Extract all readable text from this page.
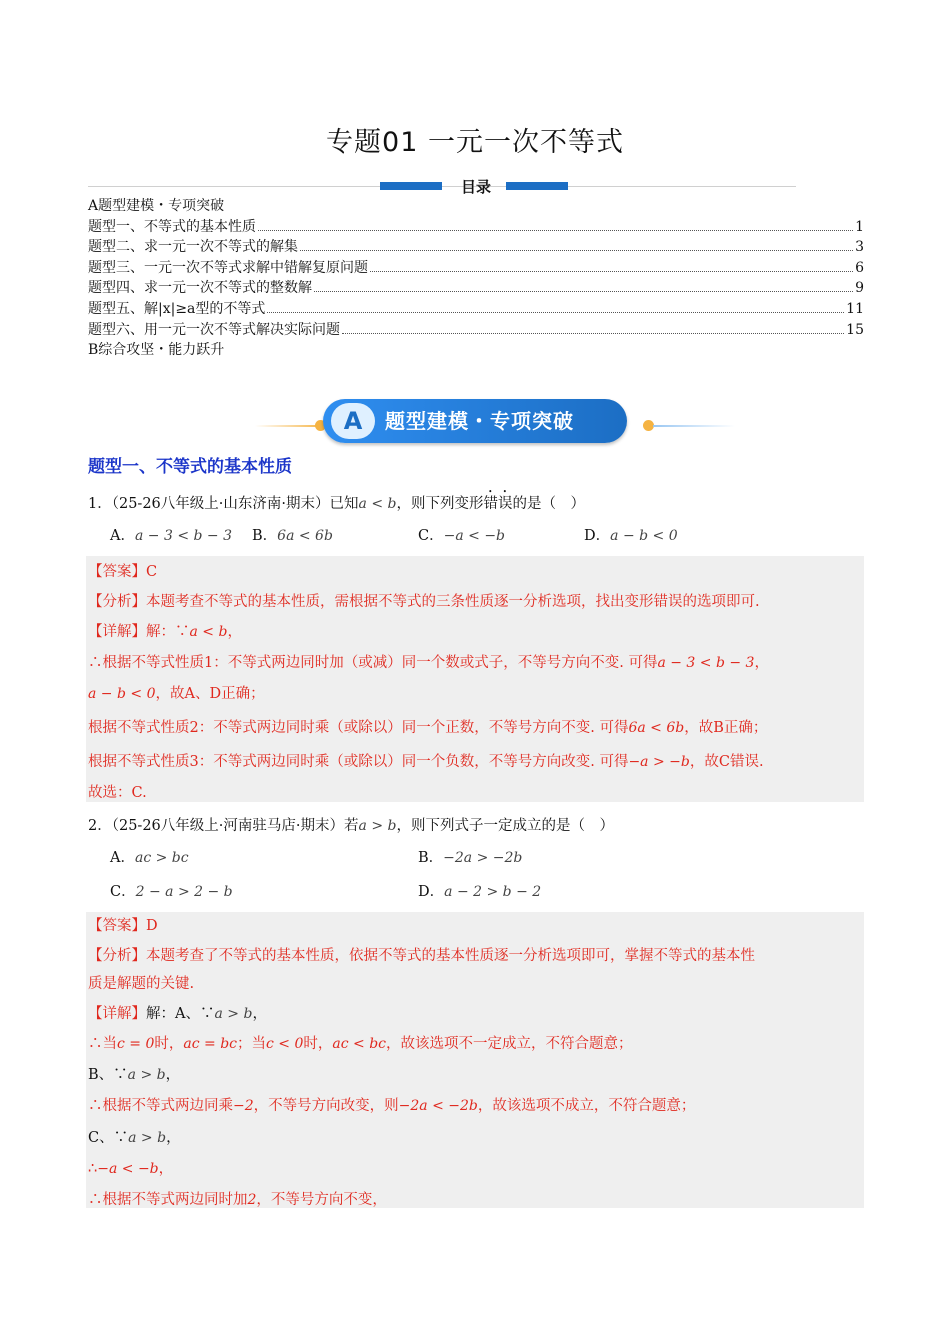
专题01 一元一次不等式
目录
A题型建模・专项突破
题型一、不等式的基本性质	1
题型二、求一元一次不等式的解集	3
题型三、一元一次不等式求解中错解复原问题	6
题型四、求一元一次不等式的整数解	9
题型五、解|x|≥a型的不等式	11
题型六、用一元一次不等式解决实际问题	15
B综合攻坚・能力跃升
A	题型建模・专项突破
题型一、不等式的基本性质
1．（25-26八年级上·山东济南·期末）已知a < b，则下列变形错误的是（　）
A．a − 3 < b − 3 B．6a < 6b	C．−a < −b	D．a − b < 0
【答案】C
【分析】本题考查不等式的基本性质，需根据不等式的三条性质逐一分析选项，找出变形错误的选项即可.
【详解】解：∵a < b，
∴根据不等式性质1：不等式两边同时加（或减）同一个数或式子，不等号方向不变. 可得a − 3 < b − 3，
a − b < 0，故A、D正确；
根据不等式性质2：不等式两边同时乘（或除以）同一个正数，不等号方向不变. 可得6a < 6b，故B正确；
根据不等式性质3：不等式两边同时乘（或除以）同一个负数，不等号方向改变. 可得−a > −b，故C错误.
故选：C.
2．（25-26八年级上·河南驻马店·期末）若a > b，则下列式子一定成立的是（　）
A．ac > bc	B．−2a > −2b
C．2 − a > 2 − b	D．a − 2 > b − 2
【答案】D
【分析】本题考查了不等式的基本性质，依据不等式的基本性质逐一分析选项即可，掌握不等式的基本性
质是解题的关键.
【详解】解：A、∵a > b，
∴当c = 0时，ac = bc；当c < 0时，ac < bc，故该选项不一定成立，不符合题意；
B、∵a > b，
∴根据不等式两边同乘−2，不等号方向改变，则−2a < −2b，故该选项不成立，不符合题意；
C、∵a > b，
∴−a < −b，
∴根据不等式两边同时加2，不等号方向不变，
